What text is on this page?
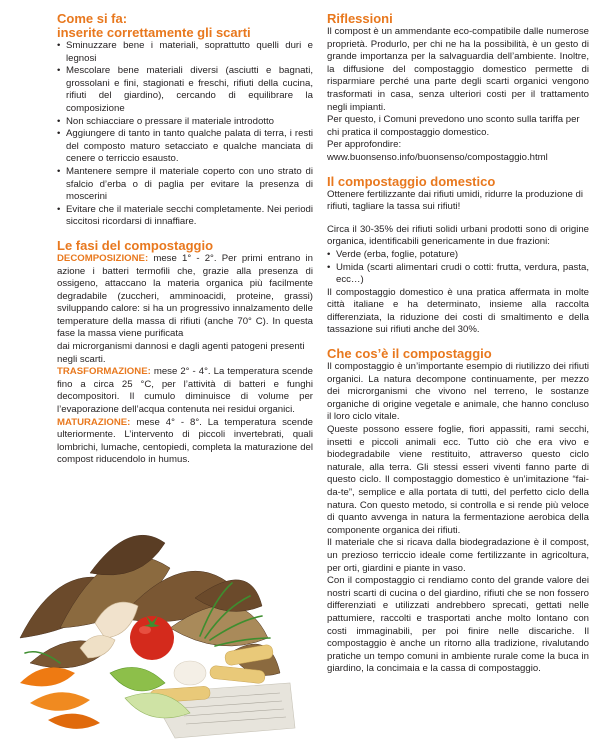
Come si fa:
inserite correttamente gli scarti
• Sminuzzare bene i materiali, soprattutto quelli duri e legnosi
• Mescolare bene materiali diversi (asciutti e bagnati, grossolani e fini, stagionati e freschi, rifiuti della cucina, rifiuti del giardino), cercando di equilibrare la composizione
• Non schiacciare o pressare il materiale introdotto
• Aggiungere di tanto in tanto qualche palata di terra, i resti del composto maturo setacciato e qualche manciata di cenere o terriccio esausto.
• Mantenere sempre il materiale coperto con uno strato di sfalcio d’erba o di paglia per evitare la presenza di moscerini
• Evitare che il materiale secchi completamente. Nei periodi siccitosi ricordarsi di innaffiare.
Le fasi del compostaggio

DECOMPOSIZIONE: mese 1° - 2°. Per primi entrano in azione i batteri termofili che, grazie alla presenza di ossigeno, attaccano la materia organica più facilmente degradabile (zuccheri, amminoacidi, proteine, grassi) sviluppando calore: si ha un progressivo innalzamento delle temperature della massa di rifiuti (anche 70° C). In questa fase la massa viene purificata

dai microrganismi dannosi e dagli agenti patogeni presenti negli scarti.

TRASFORMAZIONE: mese 2° - 4°. La temperatura scende fino a circa 25 °C, per l’attività di batteri e funghi decompositori. Il cumulo diminuisce di volume per l’evaporazione dell’acqua contenuta nei residui organici.

MATURAZIONE: mese 4° - 8°. La temperatura scende ulteriormente. L’intervento di piccoli invertebrati, quali lombrichi, lumache, centopiedi, completa la maturazione del compost riducendolo in humus.

Riflessioni

Il compost è un ammendante eco-compatibile dalle numerose proprietà. Produrlo, per chi ne ha la possibilità, è un gesto di grande importanza per la salvaguardia dell’ambiente. Inoltre, la diffusione del compostaggio domestico permette di risparmiare perché una parte degli scarti organici vengono trasformati in casa, senza ulteriori costi per il trattamento negli impianti.

Per questo, i Comuni prevedono uno sconto sulla tariffa per chi pratica il compostaggio domestico.

Per approfondire: www.buonsenso.info/buonsenso/compostaggio.html

Il compostaggio domestico

Ottenere fertilizzante dai rifiuti umidi, ridurre la produzione di rifiuti, tagliare la tassa sui rifiuti!

Circa il 30-35% dei rifiuti solidi urbani prodotti sono di origine organica, identificabili genericamente in due frazioni:

• Verde (erba, foglie, potature)
• Umida (scarti alimentari crudi o cotti: frutta, verdura, pasta, ecc…)

Il compostaggio domestico è una pratica affermata in molte città italiane e ha determinato, insieme alla raccolta differenziata, la riduzione dei costi di smaltimento e della tassazione sui rifiuti anche del 30%.

Che cos’è il compostaggio

Il compostaggio è un’importante esempio di riutilizzo dei rifiuti organici. La natura decompone continuamente, per mezzo dei microrganismi che vivono nel terreno, le sostanze organiche di origine vegetale e animale, che hanno concluso il loro ciclo vitale.

Queste possono essere foglie, fiori appassiti, rami secchi, insetti e piccoli animali ecc. Tutto ciò che era vivo e biodegradabile viene restituito, attraverso questo ciclo naturale, alla terra. Gli stessi esseri viventi fanno parte di questo ciclo. Il compostaggio domestico è un’imitazione “fai-da-te”, semplice e alla portata di tutti, del perfetto ciclo della natura. Con questo metodo, si controlla e si rende più veloce di quanto avvenga in natura la fermentazione aerobica della componente organica dei rifiuti.

Il materiale che si ricava dalla biodegradazione è il compost, un prezioso terriccio ideale come fertilizzante in agricoltura, per orti, giardini e piante in vaso.

Con il compostaggio ci rendiamo conto del grande valore dei nostri scarti di cucina o del giardino, rifiuti che se non fossero differenziati e utilizzati andrebbero sprecati, gettati nelle pattumiere, raccolti e trasportati anche molto lontano con costi immaginabili, per poi finire nelle discariche. Il compostaggio è anche un ritorno alla tradizione, rivalutando pratiche un tempo comuni in ambiente rurale come la buca in giardino, la concimaia e la cassa di compostaggio.
